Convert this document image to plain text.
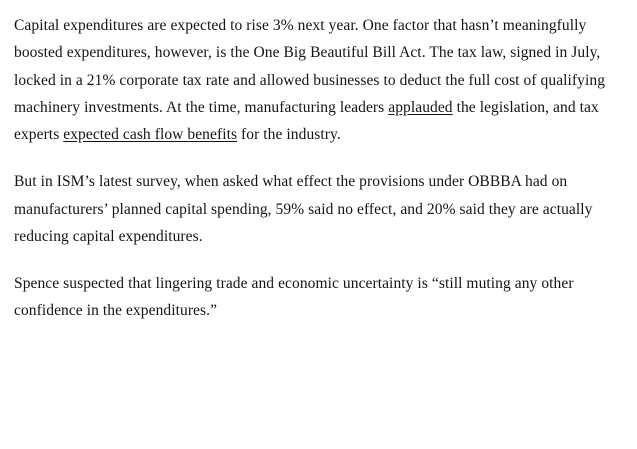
Capital expenditures are expected to rise 3% next year. One factor that hasn’t meaningfully boosted expenditures, however, is the One Big Beautiful Bill Act. The tax law, signed in July, locked in a 21% corporate tax rate and allowed businesses to deduct the full cost of qualifying machinery investments. At the time, manufacturing leaders applauded the legislation, and tax experts expected cash flow benefits for the industry.

But in ISM’s latest survey, when asked what effect the provisions under OBBBA had on manufacturers’ planned capital spending, 59% said no effect, and 20% said they are actually reducing capital expenditures.

Spence suspected that lingering trade and economic uncertainty is “still muting any other confidence in the expenditures.”
